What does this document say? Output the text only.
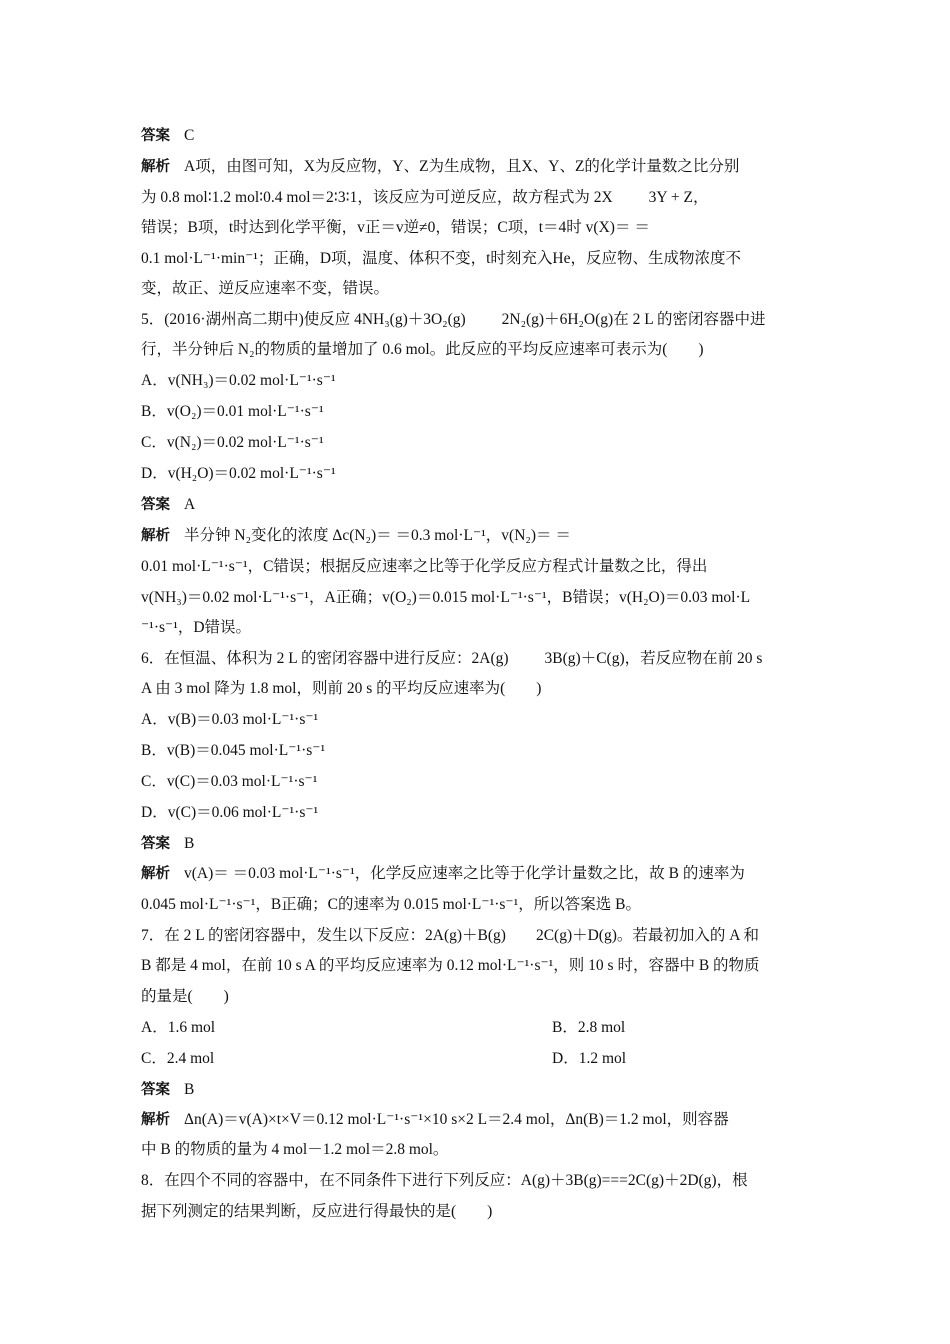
答案 C
解析 A项，由图可知，X为反应物，Y、Z为生成物，且X、Y、Z的化学计量数之比分别
为 0.8 mol∶1.2 mol∶0.4 mol＝2∶3∶1，该反应为可逆反应，故方程式为 2X 3Y + Z，
错误；B项，t时达到化学平衡，v正＝v逆≠0，错误；C项，t＝4时 v(X)＝ ＝
0.1 mol·L⁻¹·min⁻¹；正确，D项，温度、体积不变，t时刻充入He，反应物、生成物浓度不
变，故正、逆反应速率不变，错误。
5．(2016·湖州高二期中)使反应 4NH₃(g)＋3O₂(g) 2N₂(g)＋6H₂O(g)在 2 L 的密闭容器中进
行，半分钟后 N₂的物质的量增加了 0.6 mol。此反应的平均反应速率可表示为(　　)
A．v(NH₃)＝0.02 mol·L⁻¹·s⁻¹
B．v(O₂)＝0.01 mol·L⁻¹·s⁻¹
C．v(N₂)＝0.02 mol·L⁻¹·s⁻¹
D．v(H₂O)＝0.02 mol·L⁻¹·s⁻¹
答案 A
解析 半分钟 N₂变化的浓度 Δc(N₂)＝ ＝0.3 mol·L⁻¹，v(N₂)＝ ＝
0.01 mol·L⁻¹·s⁻¹，C错误；根据反应速率之比等于化学反应方程式计量数之比，得出
v(NH₃)＝0.02 mol·L⁻¹·s⁻¹，A正确；v(O₂)＝0.015 mol·L⁻¹·s⁻¹，B错误；v(H₂O)＝0.03 mol·L
⁻¹·s⁻¹，D错误。
6．在恒温、体积为 2 L 的密闭容器中进行反应：2A(g) 3B(g)＋C(g)，若反应物在前 20 s
A 由 3 mol 降为 1.8 mol，则前 20 s 的平均反应速率为(　　)
A．v(B)＝0.03 mol·L⁻¹·s⁻¹
B．v(B)＝0.045 mol·L⁻¹·s⁻¹
C．v(C)＝0.03 mol·L⁻¹·s⁻¹
D．v(C)＝0.06 mol·L⁻¹·s⁻¹
答案 B
解析 v(A)＝ ＝0.03 mol·L⁻¹·s⁻¹，化学反应速率之比等于化学计量数之比，故 B 的速率为
0.045 mol·L⁻¹·s⁻¹，B正确；C的速率为 0.015 mol·L⁻¹·s⁻¹，所以答案选 B。
7．在 2 L 的密闭容器中，发生以下反应：2A(g)＋B(g) 2C(g)＋D(g)。若最初加入的 A 和
B 都是 4 mol，在前 10 s A 的平均反应速率为 0.12 mol·L⁻¹·s⁻¹，则 10 s 时，容器中 B 的物质
的量是(　　)
A．1.6 mol	B．2.8 mol
C．2.4 mol	D．1.2 mol
答案 B
解析 Δn(A)＝v(A)×t×V＝0.12 mol·L⁻¹·s⁻¹×10 s×2 L＝2.4 mol，Δn(B)＝1.2 mol，则容器
中 B 的物质的量为 4 mol－1.2 mol＝2.8 mol。
8．在四个不同的容器中，在不同条件下进行下列反应：A(g)＋3B(g)===2C(g)＋2D(g)，根
据下列测定的结果判断，反应进行得最快的是(　　)
